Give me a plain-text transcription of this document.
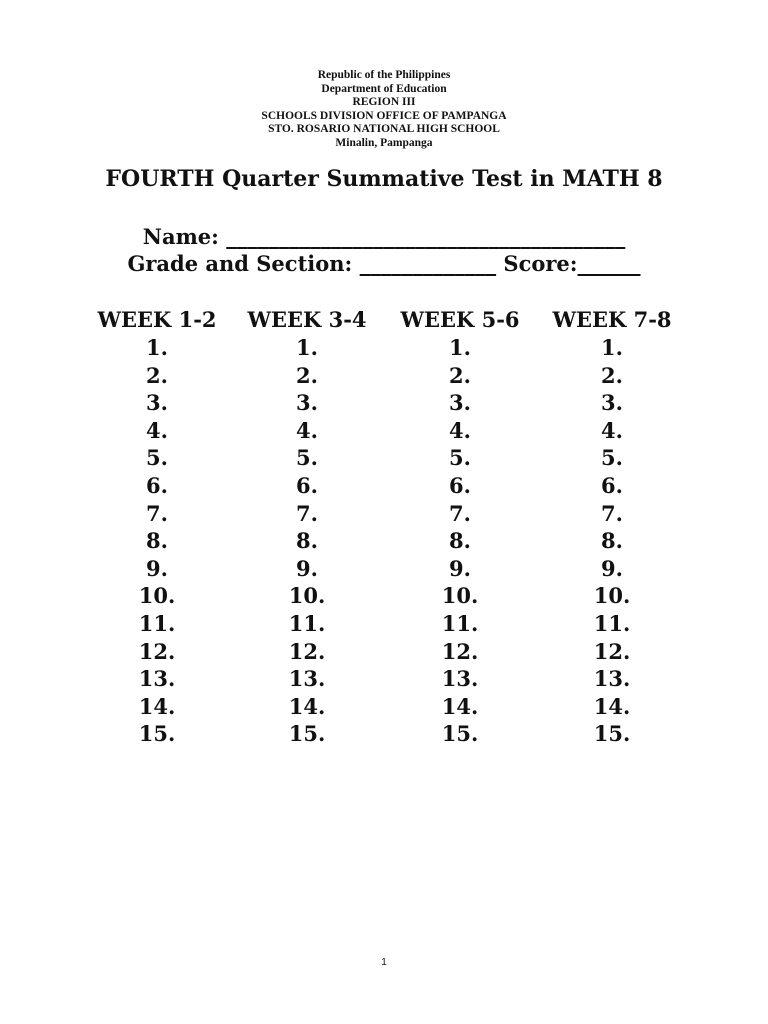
Republic of the Philippines
Department of Education
REGION III
SCHOOLS DIVISION OFFICE OF PAMPANGA
STO. ROSARIO NATIONAL HIGH SCHOOL
Minalin, Pampanga
FOURTH Quarter Summative Test in MATH 8
Name: ______________________________________
Grade and Section: _____________ Score:______
WEEK 1-2
1.
2.
3.
4.
5.
6.
7.
8.
9.
10.
11.
12.
13.
14.
15.
WEEK 3-4
1.
2.
3.
4.
5.
6.
7.
8.
9.
10.
11.
12.
13.
14.
15.
WEEK 5-6
1.
2.
3.
4.
5.
6.
7.
8.
9.
10.
11.
12.
13.
14.
15.
WEEK 7-8
1.
2.
3.
4.
5.
6.
7.
8.
9.
10.
11.
12.
13.
14.
15.
1
